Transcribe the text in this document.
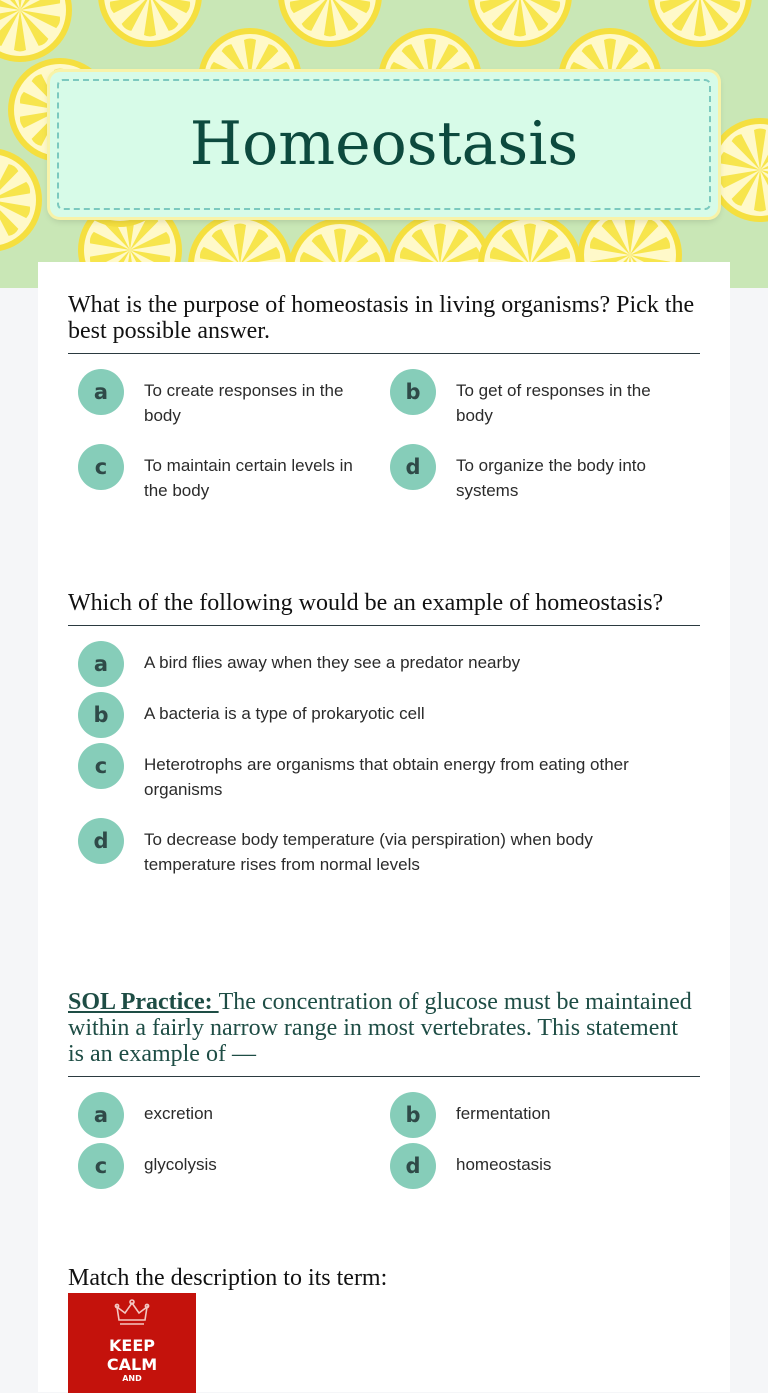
Homeostasis
What is the purpose of homeostasis in living organisms? Pick the best possible answer.
a	To create responses in the body
b	To get of responses in the body
c	To maintain certain levels in the body
d	To organize the body into systems
Which of the following would be an example of homeostasis?
a	A bird flies away when they see a predator nearby
b	A bacteria is a type of prokaryotic cell
c	Heterotrophs are organisms that obtain energy from eating other organisms
d	To decrease body temperature (via perspiration) when body temperature rises from normal levels
SOL Practice: The concentration of glucose must be maintained within a fairly narrow range in most vertebrates. This statement is an example of —
a	excretion	b	fermentation
c	glycolysis	d	homeostasis
Match the description to its term:
KEEP
CALM
AND
